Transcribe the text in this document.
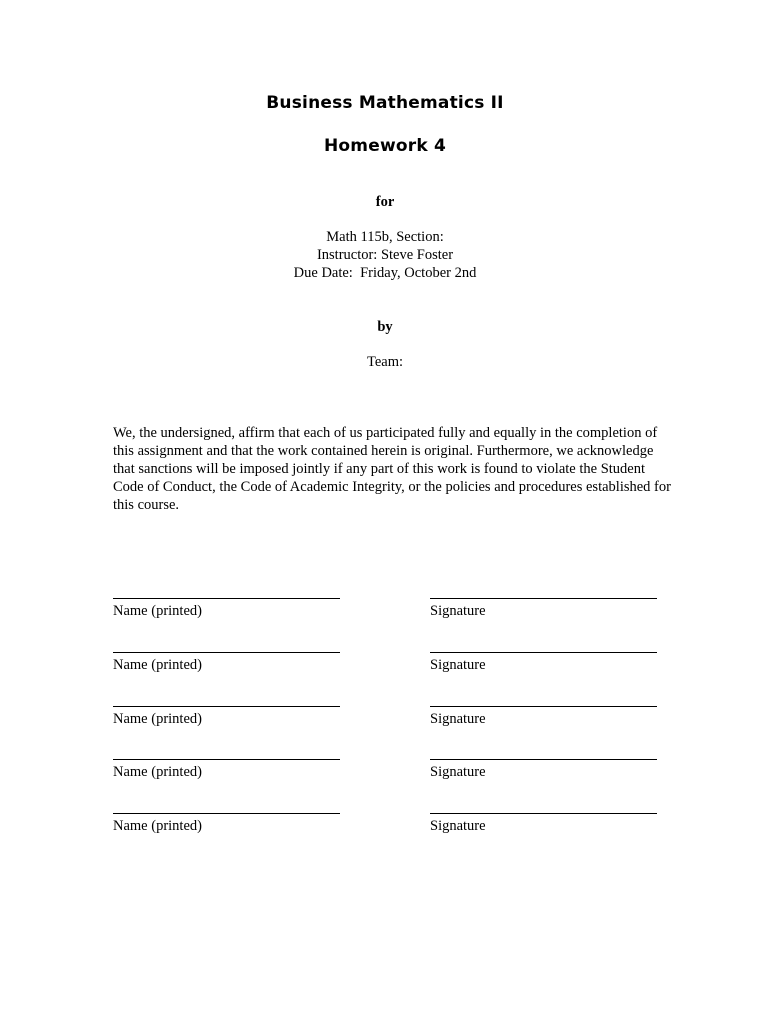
Business Mathematics II
Homework 4

for

Math 115b, Section:

Instructor: Steve Foster

Due Date:  Friday, October 2nd

by

Team:

We, the undersigned, affirm that each of us participated fully and equally in the completion of this assignment and that the work contained herein is original. Furthermore, we acknowledge that sanctions will be imposed jointly if any part of this work is found to violate the Student Code of Conduct, the Code of Academic Integrity, or the policies and procedures established for this course.

Name (printed)	Signature
Name (printed)	Signature
Name (printed)	Signature
Name (printed)	Signature
Name (printed)	Signature
